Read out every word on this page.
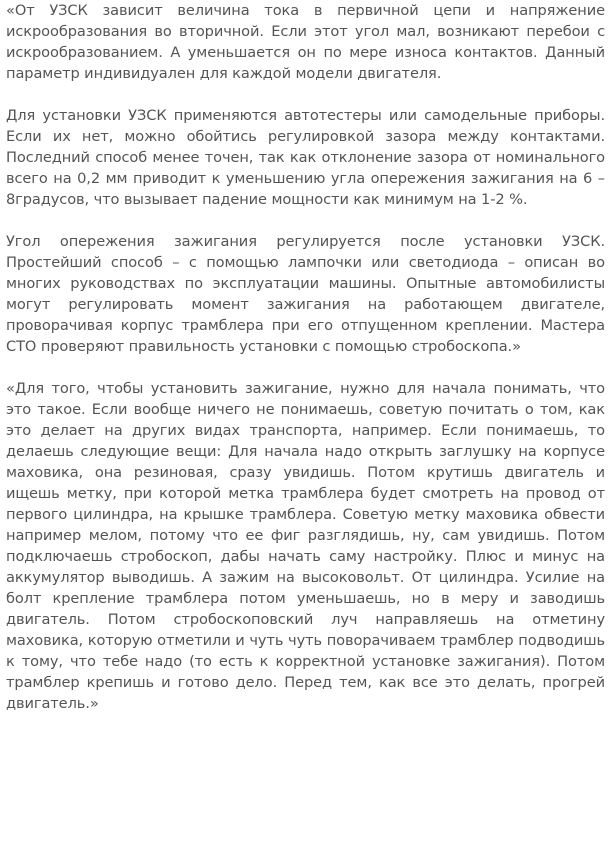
«От УЗСК зависит величина тока в первичной цепи и напряжение искрообразования во вторичной. Если этот угол мал, возникают перебои с искрообразованием. А уменьшается он по мере износа контактов. Данный параметр индивидуален для каждой модели двигателя.

Для установки УЗСК применяются автотестеры или самодельные приборы. Если их нет, можно обойтись регулировкой зазора между контактами. Последний способ менее точен, так как отклонение зазора от номинального всего на 0,2 мм приводит к уменьшению угла опережения зажигания на 6 – 8градусов, что вызывает падение мощности как минимум на 1-2 %.

Угол опережения зажигания регулируется после установки УЗСК. Простейший способ – с помощью лампочки или светодиода – описан во многих руководствах по эксплуатации машины. Опытные автомобилисты могут регулировать момент зажигания на работающем двигателе, проворачивая корпус трамблера при его отпущенном креплении. Мастера СТО проверяют правильность установки с помощью стробоскопа.»

«Для того, чтобы установить зажигание, нужно для начала понимать, что это такое. Если вообще ничего не понимаешь, советую почитать о том, как это делает на других видах транспорта, например. Если понимаешь, то делаешь следующие вещи: Для начала надо открыть заглушку на корпусе маховика, она резиновая, сразу увидишь. Потом крутишь двигатель и ищешь метку, при которой метка трамблера будет смотреть на провод от первого цилиндра, на крышке трамблера. Советую метку маховика обвести например мелом, потому что ее фиг разглядишь, ну, сам увидишь. Потом подключаешь стробоскоп, дабы начать саму настройку. Плюс и минус на аккумулятор выводишь. А зажим на высоковольт. От цилиндра. Усилие на болт крепление трамблера потом уменьшаешь, но в меру и заводишь двигатель. Потом стробоскоповский луч направляешь на отметину маховика, которую отметили и чуть чуть поворачиваем трамблер подводишь к тому, что тебе надо (то есть к корректной установке зажигания). Потом трамблер крепишь и готово дело. Перед тем, как все это делать, прогрей двигатель.»
